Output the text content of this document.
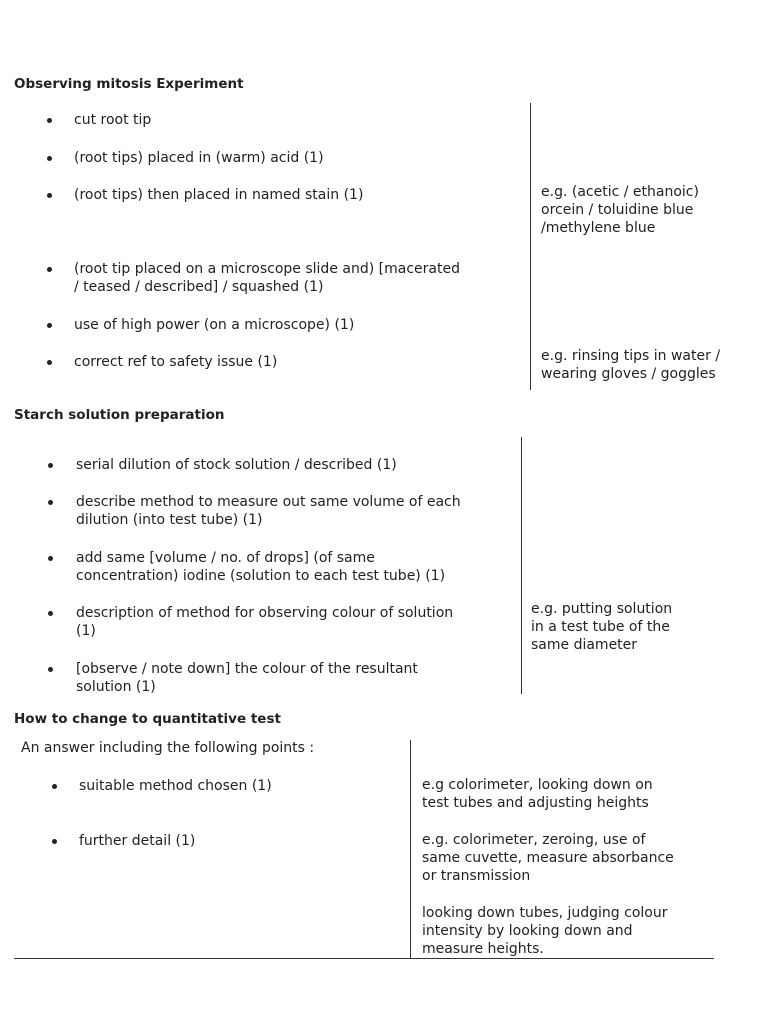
Observing mitosis Experiment
cut root tip
(root tips) placed in (warm) acid (1)
(root tips) then placed in named stain (1)
(root tip placed on a microscope slide and) [macerated
/ teased / described] / squashed (1)
use of high power (on a microscope) (1)
correct ref to safety issue (1)
e.g. (acetic / ethanoic)
orcein / toluidine blue
/methylene blue
e.g. rinsing tips in water /
wearing gloves / goggles
Starch solution preparation
serial dilution of stock solution / described (1)
describe method to measure out same volume of each
dilution (into test tube) (1)
add same [volume / no. of drops] (of same
concentration) iodine (solution to each test tube) (1)
description of method for observing colour of solution
(1)
[observe / note down] the colour of the resultant
solution (1)
e.g. putting solution
in a test tube of the
same diameter
How to change to quantitative test
An answer including the following points :
suitable method chosen (1)
further detail (1)
e.g colorimeter, looking down on
test tubes and adjusting heights
e.g. colorimeter, zeroing, use of
same cuvette, measure absorbance
or transmission
looking down tubes, judging colour
intensity by looking down and
measure heights.
